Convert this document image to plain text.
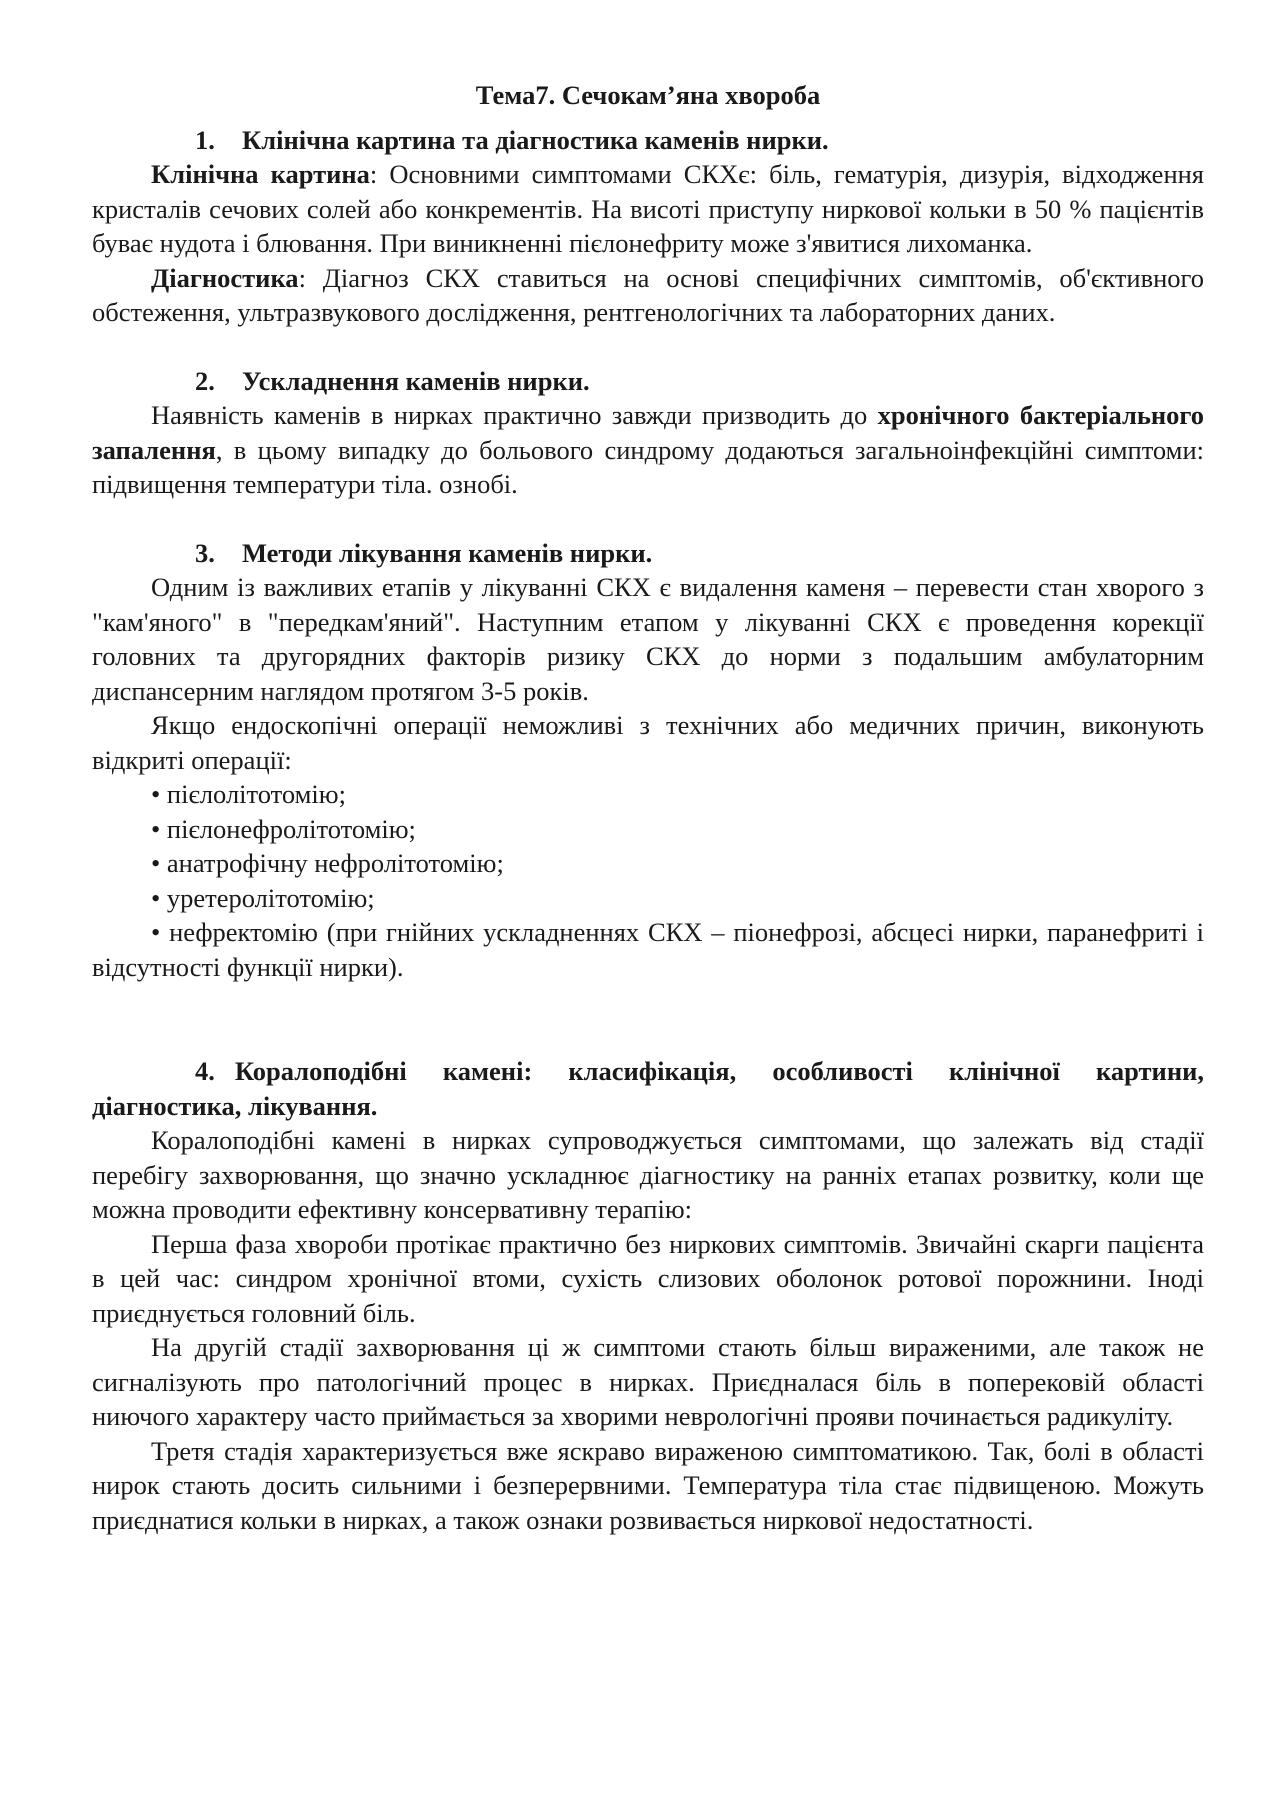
Тема7. Сечокам’яна хвороба

1. Клінічна картина та діагностика каменів нирки.

Клінічна картина: Основними симптомами СКХє: біль, гематурія, дизурія, відходження кристалів сечових солей або конкрементів. На висоті приступу ниркової кольки в 50 % пацієнтів буває нудота і блювання. При виникненні пієлонефриту може з'явитися лихоманка.

Діагностика: Діагноз СКХ ставиться на основі специфічних симптомів, об'єктивного обстеження, ультразвукового дослідження, рентгенологічних та лабораторних даних.

2. Ускладнення каменів нирки.

Наявність каменів в нирках практично завжди призводить до хронічного бактеріального запалення, в цьому випадку до больового синдрому додаються загальноінфекційні симптоми: підвищення температури тіла. ознобі.

3. Методи лікування каменів нирки.

Одним із важливих етапів у лікуванні СКХ є видалення каменя – перевести стан хворого з "кам'яного" в "передкам'яний". Наступним етапом у лікуванні СКХ є проведення корекції головних та другорядних факторів ризику СКХ до норми з подальшим амбулаторним диспансерним наглядом протягом 3-5 років.

Якщо ендоскопічні операції неможливі з технічних або медичних причин, виконують відкриті операції:

• пієлолітотомію;

• пієлонефролітотомію;

• анатрофічну нефролітотомію;

• уретеролітотомію;

• нефректомію (при гнійних ускладненнях СКХ – піонефрозі, абсцесі нирки, паранефриті і відсутності функції нирки).

4. Коралоподібні камені: класифікація, особливості клінічної картини, діагностика, лікування.

Коралоподібні камені в нирках супроводжується симптомами, що залежать від стадії перебігу захворювання, що значно ускладнює діагностику на ранніх етапах розвитку, коли ще можна проводити ефективну консервативну терапію:

Перша фаза хвороби протікає практично без ниркових симптомів. Звичайні скарги пацієнта в цей час: синдром хронічної втоми, сухість слизових оболонок ротової порожнини. Іноді приєднується головний біль.

На другій стадії захворювання ці ж симптоми стають більш вираженими, але також не сигналізують про патологічний процес в нирках. Приєдналася біль в поперековій області ниючого характеру часто приймається за хворими неврологічні прояви починається радикуліту.

Третя стадія характеризується вже яскраво вираженою симптоматикою. Так, болі в області нирок стають досить сильними і безперервними. Температура тіла стає підвищеною. Можуть приєднатися кольки в нирках, а також ознаки розвивається ниркової недостатності.
